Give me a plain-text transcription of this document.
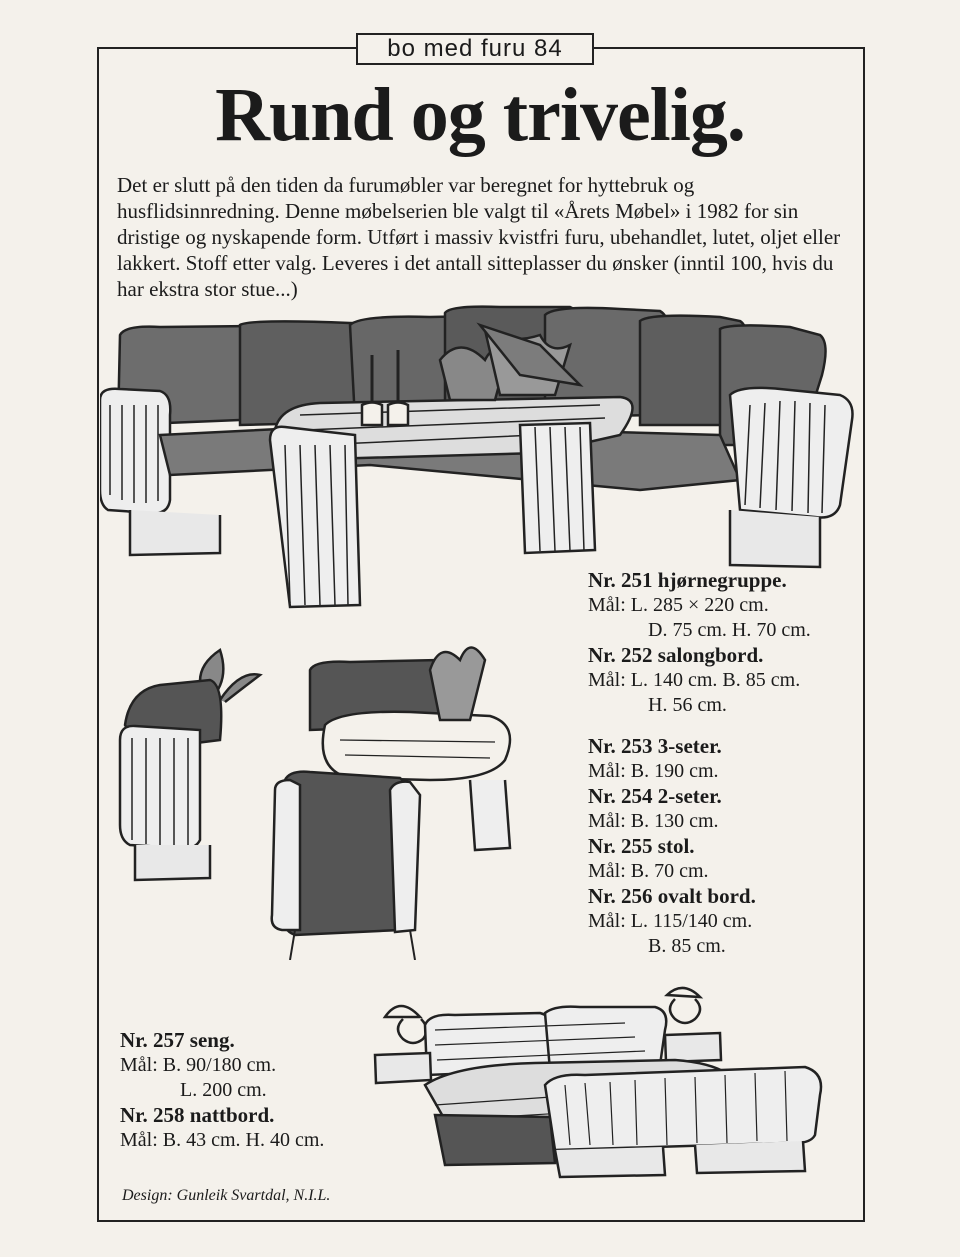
bo med furu 84
Rund og trivelig.

Det er slutt på den tiden da furumøbler var beregnet for hyttebruk og husflidsinnredning. Denne møbelserien ble valgt til «Årets Møbel» i 1982 for sin dristige og nyskapende form. Utført i massiv kvistfri furu, ubehandlet, lutet, oljet eller lakkert. Stoff etter valg. Leveres i det antall sitteplasser du ønsker (inntil 100, hvis du har ekstra stor stue...)

Nr. 251 hjørnegruppe.
Mål: L. 285 × 220 cm.
D. 75 cm. H. 70 cm.
Nr. 252 salongbord.
Mål: L. 140 cm. B. 85 cm.
H. 56 cm.
Nr. 253 3-seter.
Mål: B. 190 cm.
Nr. 254 2-seter.
Mål: B. 130 cm.
Nr. 255 stol.
Mål: B. 70 cm.
Nr. 256 ovalt bord.
Mål: L. 115/140 cm.
B. 85 cm.
Nr. 257 seng.
Mål: B. 90/180 cm.
L. 200 cm.
Nr. 258 nattbord.
Mål: B. 43 cm. H. 40 cm.
Design: Gunleik Svartdal, N.I.L.
